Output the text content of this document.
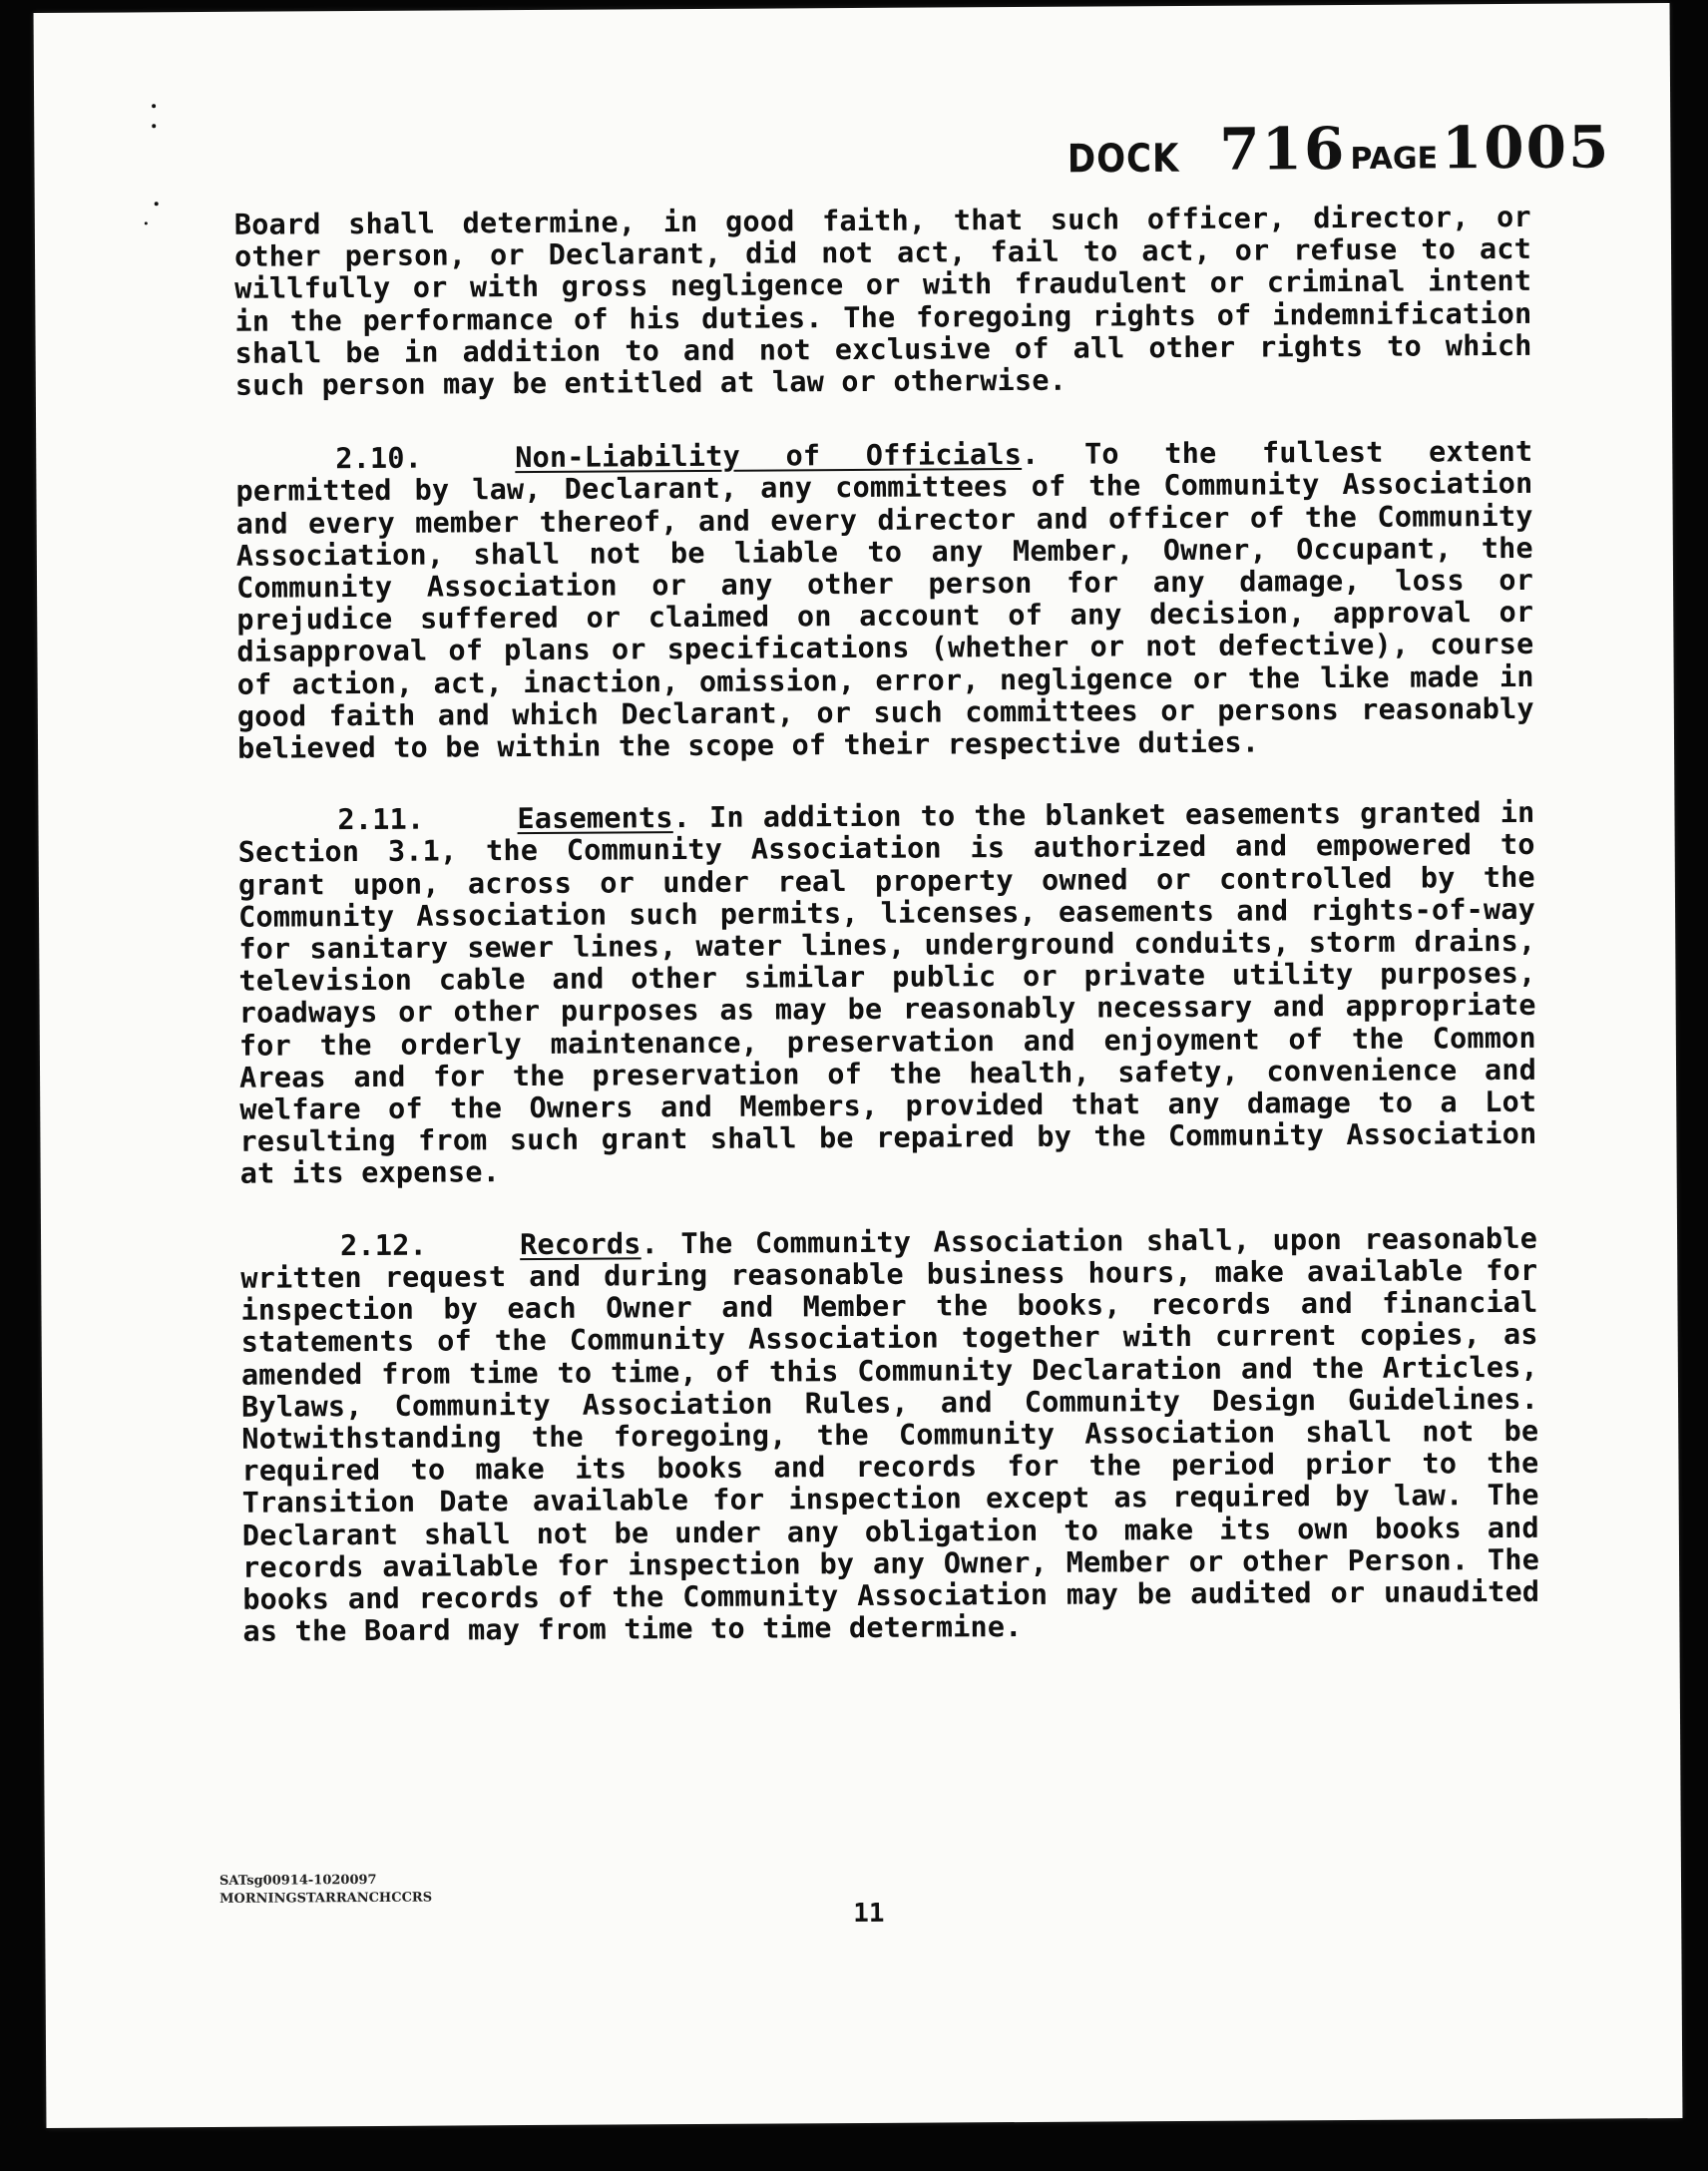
DOCK 716 PAGE 1005

Board shall determine, in good faith, that such officer, director, or other person, or Declarant, did not act, fail to act, or refuse to act willfully or with gross negligence or with fraudulent or criminal intent in the performance of his duties. The foregoing rights of indemnification shall be in addition to and not exclusive of all other rights to which such person may be entitled at law or otherwise.

2.10.	Non-Liability of Officials. To the fullest extent permitted by law, Declarant, any committees of the Community Association and every member thereof, and every director and officer of the Community Association, shall not be liable to any Member, Owner, Occupant, the Community Association or any other person for any damage, loss or prejudice suffered or claimed on account of any decision, approval or disapproval of plans or specifications (whether or not defective), course of action, act, inaction, omission, error, negligence or the like made in good faith and which Declarant, or such committees or persons reasonably believed to be within the scope of their respective duties.

2.11.	Easements. In addition to the blanket easements granted in Section 3.1, the Community Association is authorized and empowered to grant upon, across or under real property owned or controlled by the Community Association such permits, licenses, easements and rights-of-way for sanitary sewer lines, water lines, underground conduits, storm drains, television cable and other similar public or private utility purposes, roadways or other purposes as may be reasonably necessary and appropriate for the orderly maintenance, preservation and enjoyment of the Common Areas and for the preservation of the health, safety, convenience and welfare of the Owners and Members, provided that any damage to a Lot resulting from such grant shall be repaired by the Community Association at its expense.

2.12.	Records. The Community Association shall, upon reasonable written request and during reasonable business hours, make available for inspection by each Owner and Member the books, records and financial statements of the Community Association together with current copies, as amended from time to time, of this Community Declaration and the Articles, Bylaws, Community Association Rules, and Community Design Guidelines. Notwithstanding the foregoing, the Community Association shall not be required to make its books and records for the period prior to the Transition Date available for inspection except as required by law. The Declarant shall not be under any obligation to make its own books and records available for inspection by any Owner, Member or other Person. The books and records of the Community Association may be audited or unaudited as the Board may from time to time determine.

SATsg00914-1020097
MORNINGSTARRANCHCCRS
11
